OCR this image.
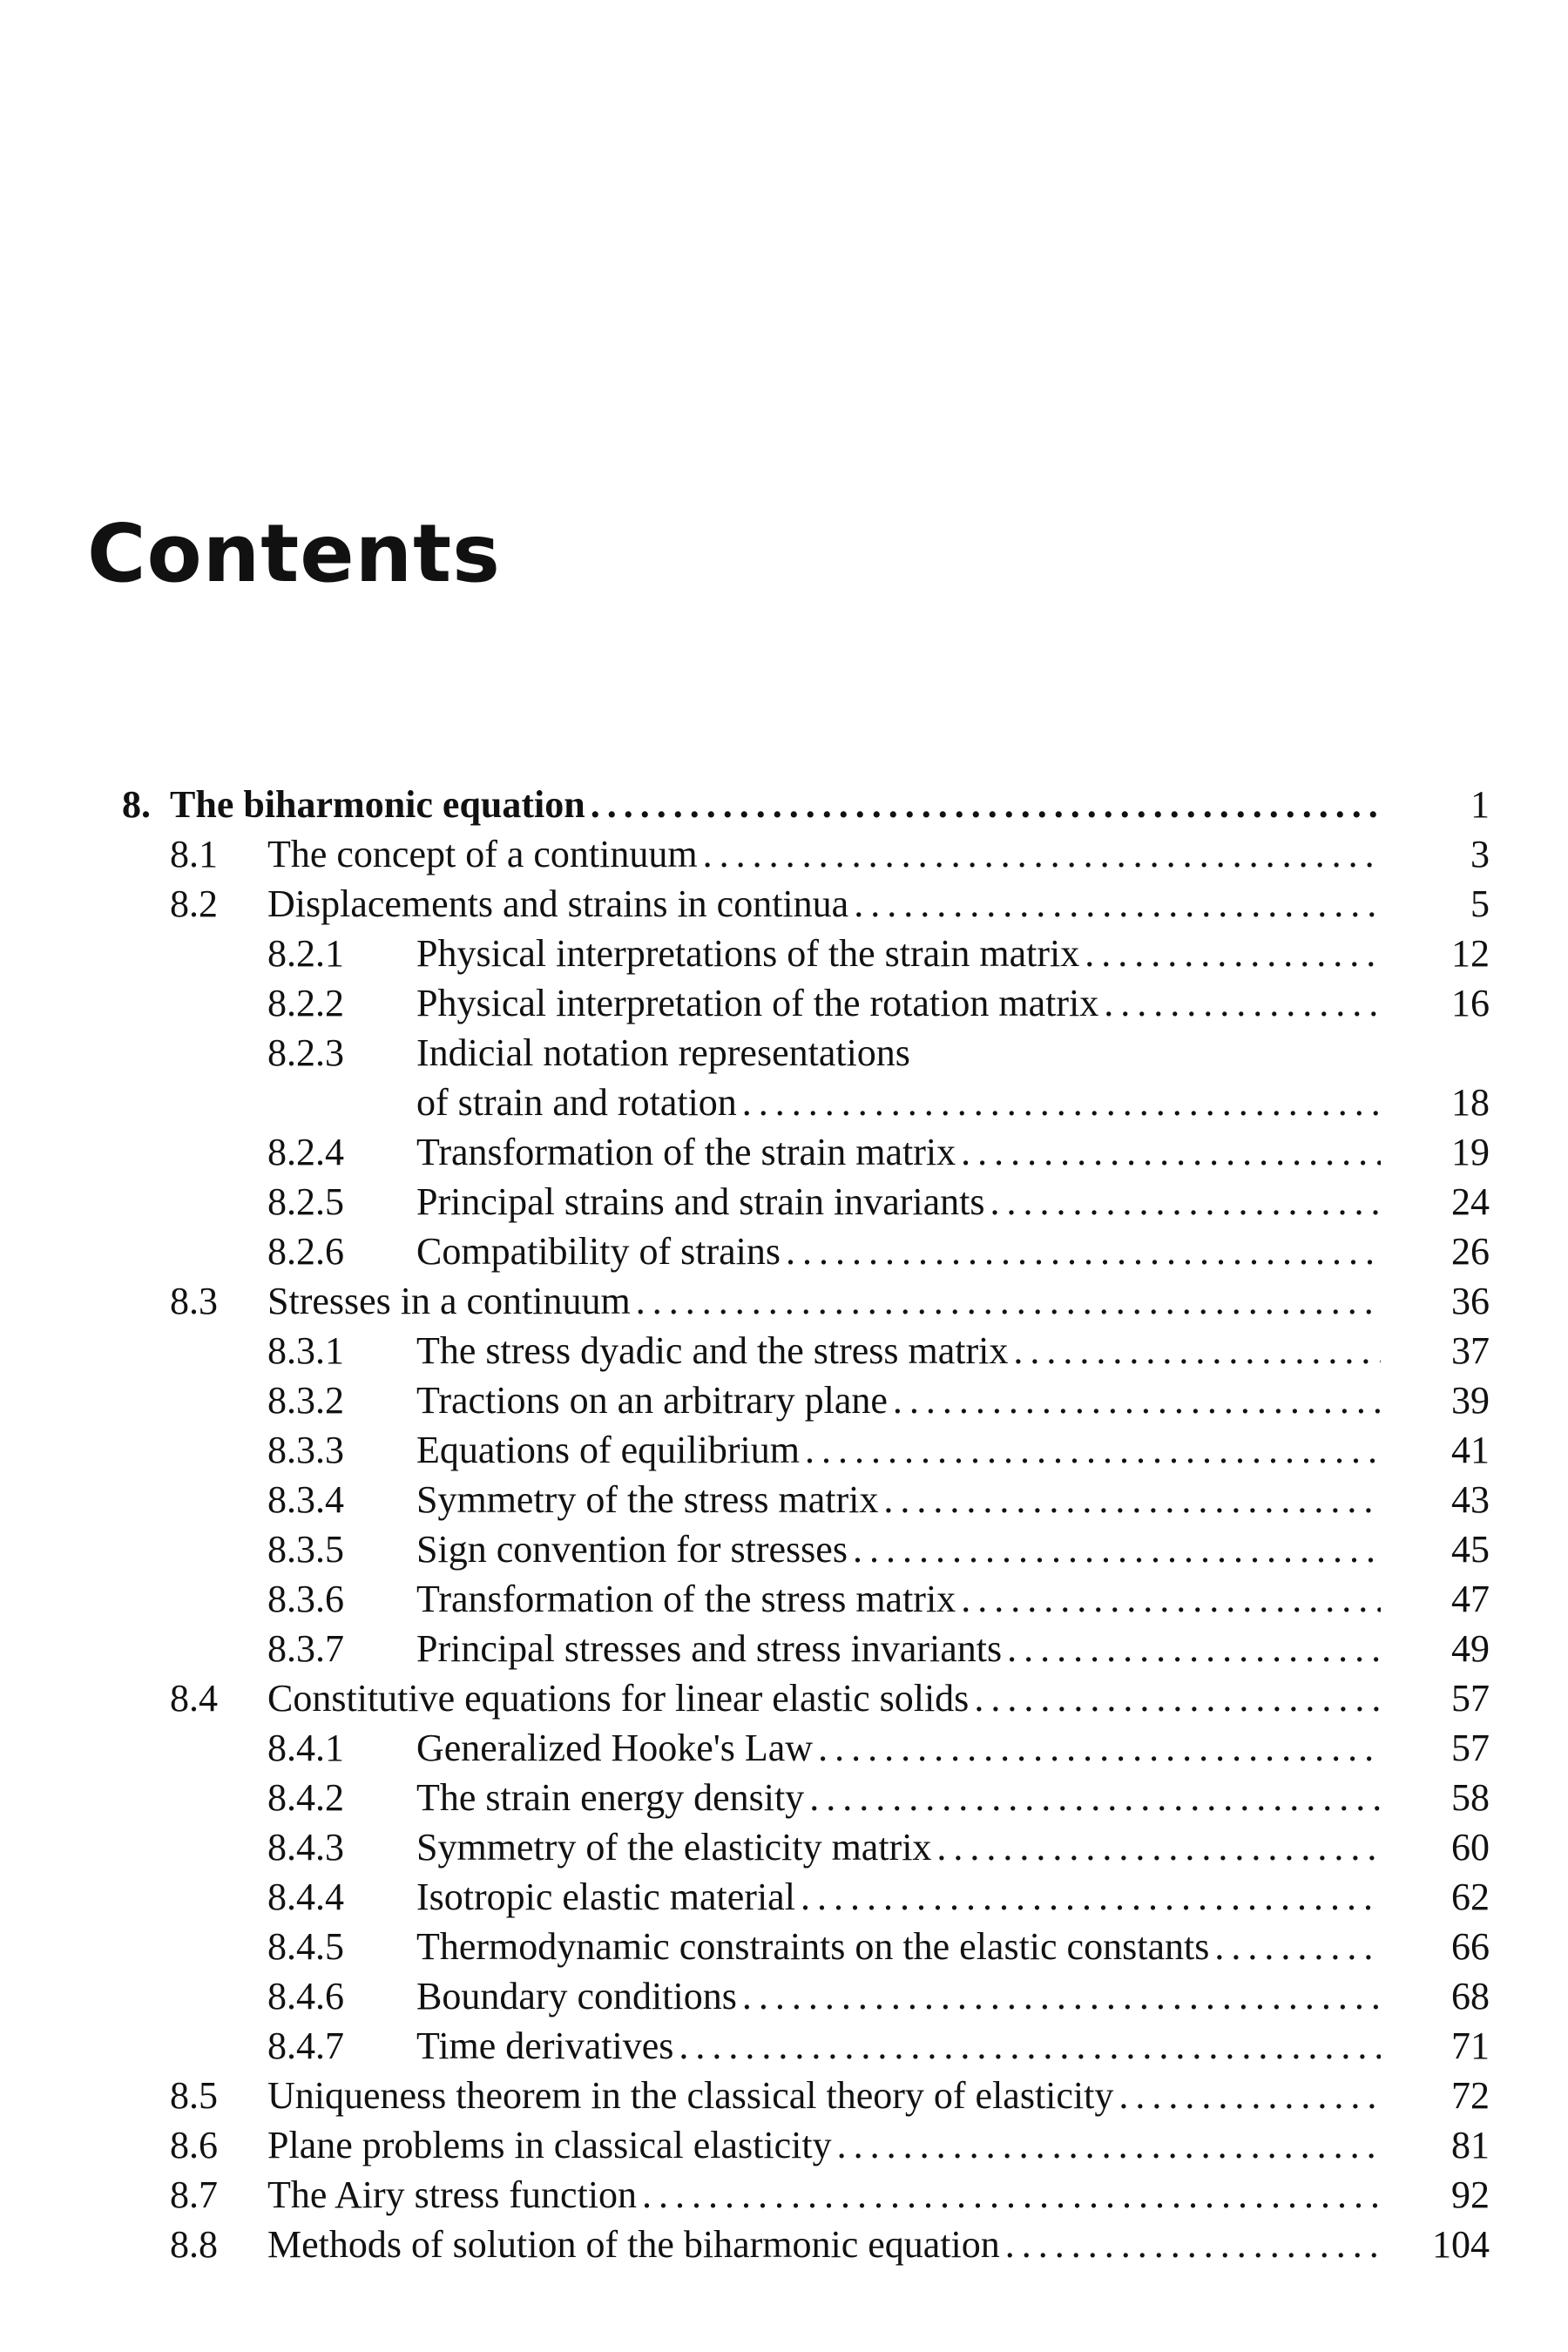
Contents
8. The biharmonic equation .....	1
8.1 The concept of a continuum .....	3
8.2 Displacements and strains in continua .....	5
8.2.1 Physical interpretations of the strain matrix .....	12
8.2.2 Physical interpretation of the rotation matrix .....	16
8.2.3 Indicial notation representations
of strain and rotation .....	18
8.2.4 Transformation of the strain matrix .....	19
8.2.5 Principal strains and strain invariants .....	24
8.2.6 Compatibility of strains .....	26
8.3 Stresses in a continuum .....	36
8.3.1 The stress dyadic and the stress matrix .....	37
8.3.2 Tractions on an arbitrary plane .....	39
8.3.3 Equations of equilibrium .....	41
8.3.4 Symmetry of the stress matrix .....	43
8.3.5 Sign convention for stresses .....	45
8.3.6 Transformation of the stress matrix .....	47
8.3.7 Principal stresses and stress invariants .....	49
8.4 Constitutive equations for linear elastic solids .....	57
8.4.1 Generalized Hooke's Law .....	57
8.4.2 The strain energy density .....	58
8.4.3 Symmetry of the elasticity matrix .....	60
8.4.4 Isotropic elastic material .....	62
8.4.5 Thermodynamic constraints on the elastic constants .....	66
8.4.6 Boundary conditions .....	68
8.4.7 Time derivatives .....	71
8.5 Uniqueness theorem in the classical theory of elasticity .....	72
8.6 Plane problems in classical elasticity .....	81
8.7 The Airy stress function .....	92
8.8 Methods of solution of the biharmonic equation .....	104
